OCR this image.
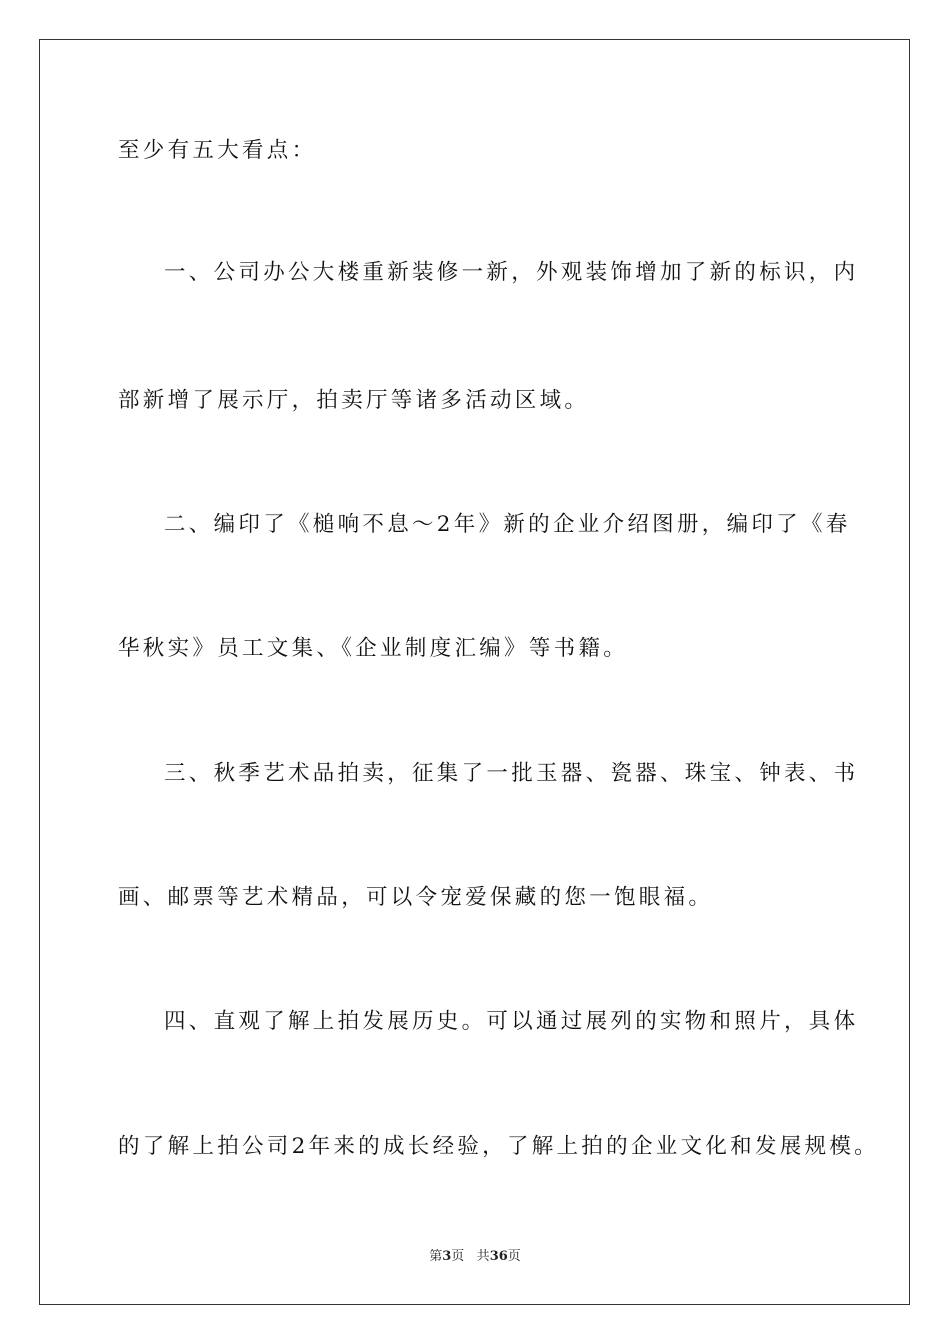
至少有五大看点：
一、公司办公大楼重新装修一新，外观装饰增加了新的标识，内
部新增了展示厅，拍卖厅等诸多活动区域。
二、编印了《槌响不息～2年》新的企业介绍图册，编印了《春
华秋实》员工文集、《企业制度汇编》等书籍。
三、秋季艺术品拍卖，征集了一批玉器、瓷器、珠宝、钟表、书
画、邮票等艺术精品，可以令宠爱保藏的您一饱眼福。
四、直观了解上拍发展历史。可以通过展列的实物和照片，具体
的了解上拍公司2年来的成长经验，了解上拍的企业文化和发展规模。
第3页 共36页
